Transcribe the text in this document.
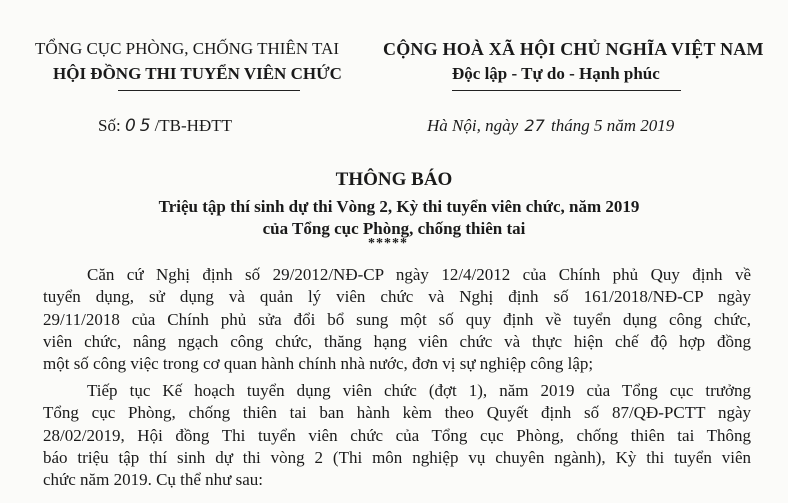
TỔNG CỤC PHÒNG, CHỐNG THIÊN TAI
HỘI ĐỒNG THI TUYỂN VIÊN CHỨC
CỘNG HOÀ XÃ HỘI CHỦ NGHĨA VIỆT NAM
Độc lập - Tự do - Hạnh phúc
Số: 05/TB-HĐTT	Hà Nội, ngày 27 tháng 5 năm 2019
THÔNG BÁO
Triệu tập thí sinh dự thi Vòng 2, Kỳ thi tuyển viên chức, năm 2019
của Tổng cục Phòng, chống thiên tai
*****
Căn cứ Nghị định số 29/2012/NĐ-CP ngày 12/4/2012 của Chính phủ Quy định về
tuyển dụng, sử dụng và quản lý viên chức và Nghị định số 161/2018/NĐ-CP ngày
29/11/2018 của Chính phủ sửa đổi bổ sung một số quy định về tuyển dụng công chức,
viên chức, nâng ngạch công chức, thăng hạng viên chức và thực hiện chế độ hợp đồng
một số công việc trong cơ quan hành chính nhà nước, đơn vị sự nghiệp công lập;
Tiếp tục Kế hoạch tuyển dụng viên chức (đợt 1), năm 2019 của Tổng cục trưởng
Tổng cục Phòng, chống thiên tai ban hành kèm theo Quyết định số 87/QĐ-PCTT ngày
28/02/2019, Hội đồng Thi tuyển viên chức của Tổng cục Phòng, chống thiên tai Thông
báo triệu tập thí sinh dự thi vòng 2 (Thi môn nghiệp vụ chuyên ngành), Kỳ thi tuyển viên
chức năm 2019. Cụ thể như sau:
